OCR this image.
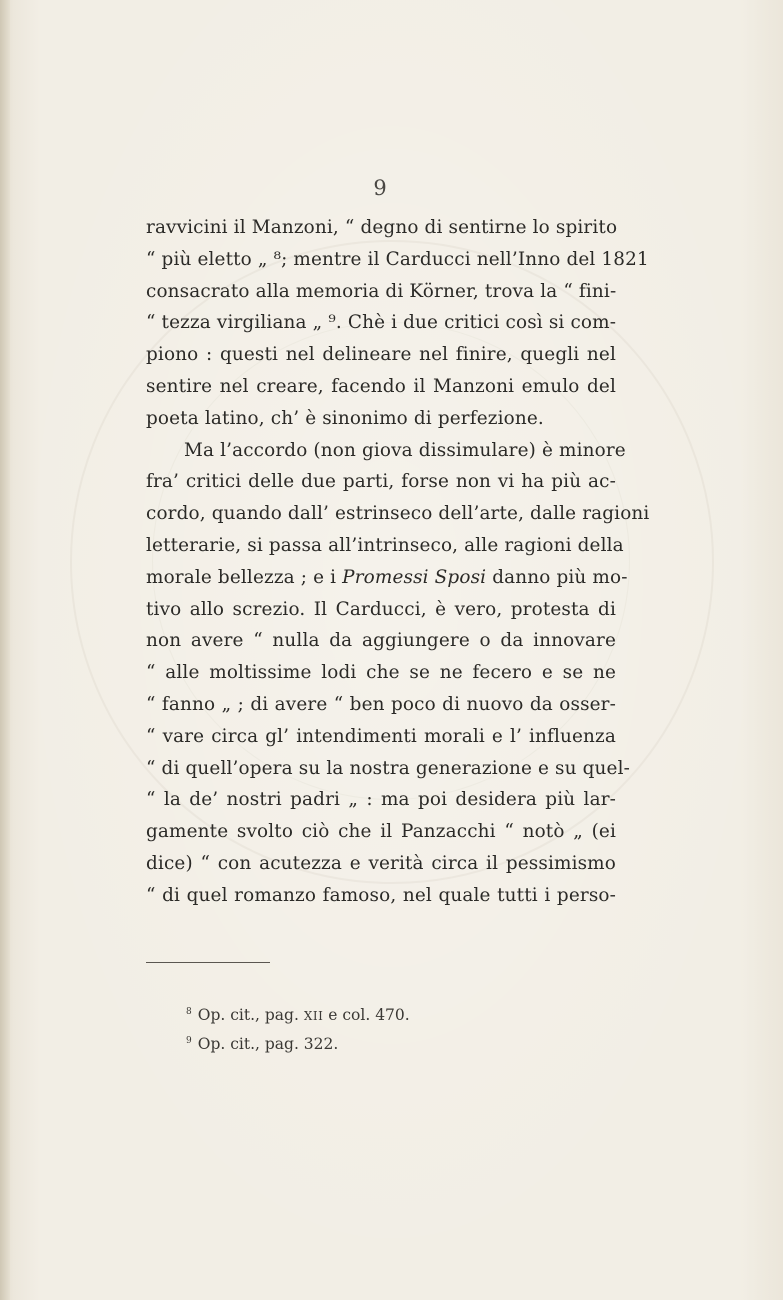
9
ravvicini il Manzoni, “ degno di sentirne lo spirito
“ più eletto „ ⁸; mentre il Carducci nell’Inno del 1821
consacrato alla memoria di Körner, trova la “ fini-
“ tezza virgiliana „ ⁹. Chè i due critici così si com-
piono : questi nel delineare nel finire, quegli nel
sentire nel creare, facendo il Manzoni emulo del
poeta latino, ch’ è sinonimo di perfezione.
Ma l’accordo (non giova dissimulare) è minore
fra’ critici delle due parti, forse non vi ha più ac-
cordo, quando dall’ estrinseco dell’arte, dalle ragioni
letterarie, si passa all’intrinseco, alle ragioni della
morale bellezza ; e i Promessi Sposi danno più mo-
tivo allo screzio. Il Carducci, è vero, protesta di
non avere “ nulla da aggiungere o da innovare
“ alle moltissime lodi che se ne fecero e se ne
“ fanno „ ; di avere “ ben poco di nuovo da osser-
“ vare circa gl’ intendimenti morali e l’ influenza
“ di quell’opera su la nostra generazione e su quel-
“ la de’ nostri padri „ : ma poi desidera più lar-
gamente svolto ciò che il Panzacchi “ notò „ (ei
dice) “ con acutezza e verità circa il pessimismo
“ di quel romanzo famoso, nel quale tutti i perso-
$^8$ Op. cit., pag. XII e col. 470.
$^9$ Op. cit., pag. 322.
